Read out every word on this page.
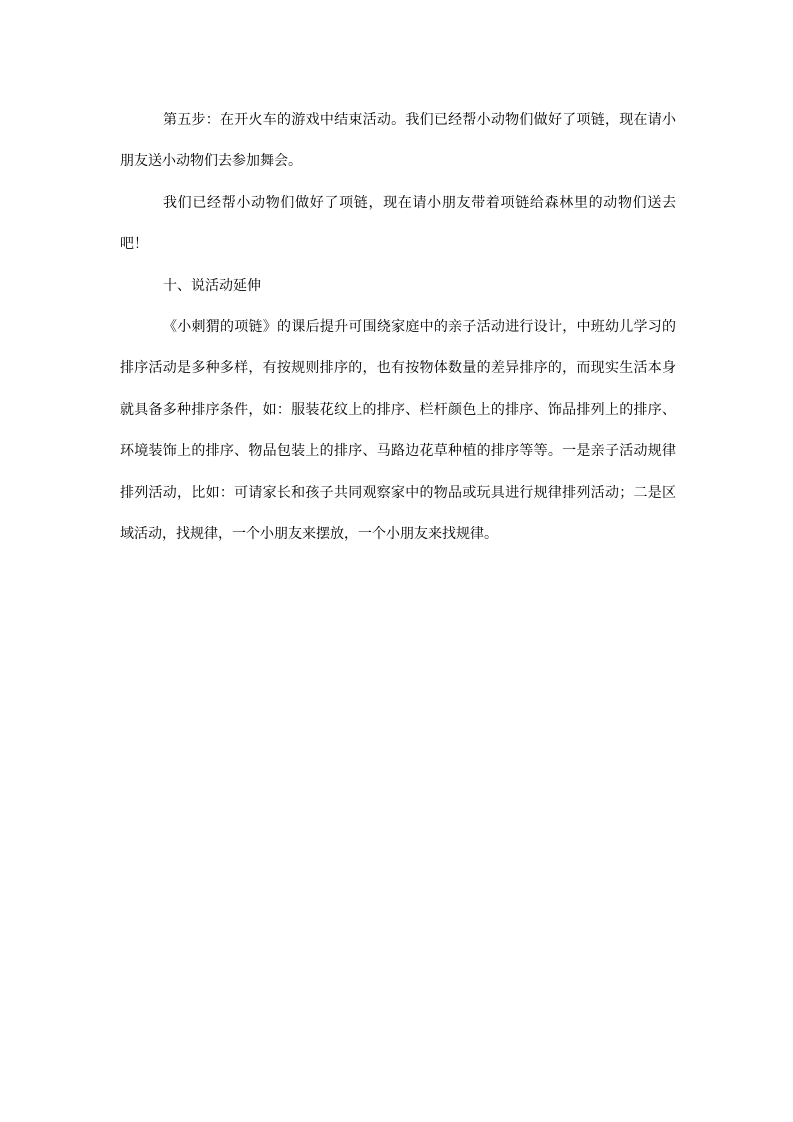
第五步：在开火车的游戏中结束活动。我们已经帮小动物们做好了项链，现在请小朋友送小动物们去参加舞会。

我们已经帮小动物们做好了项链，现在请小朋友带着项链给森林里的动物们送去吧！

十、说活动延伸

《小刺猬的项链》的课后提升可围绕家庭中的亲子活动进行设计，中班幼儿学习的排序活动是多种多样，有按规则排序的，也有按物体数量的差异排序的，而现实生活本身就具备多种排序条件，如：服装花纹上的排序、栏杆颜色上的排序、饰品排列上的排序、环境装饰上的排序、物品包装上的排序、马路边花草种植的排序等等。一是亲子活动规律排列活动，比如：可请家长和孩子共同观察家中的物品或玩具进行规律排列活动；二是区域活动，找规律，一个小朋友来摆放，一个小朋友来找规律。
